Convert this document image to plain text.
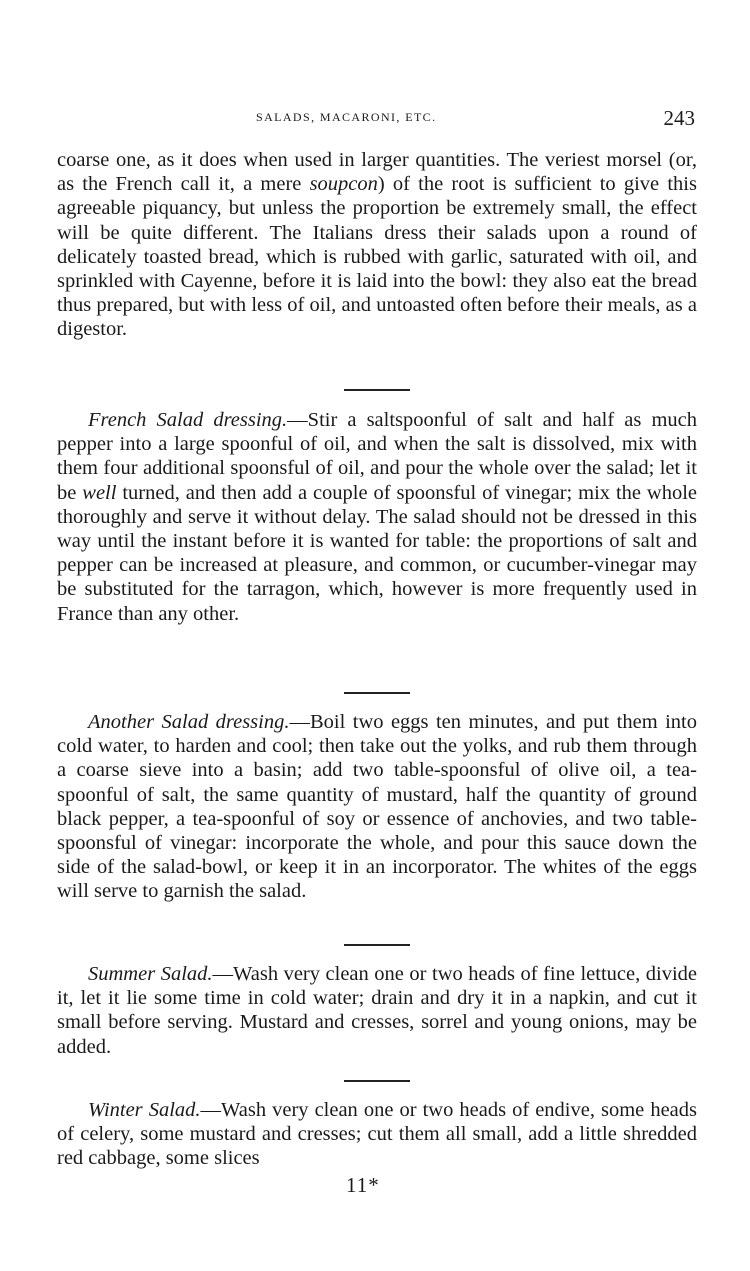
SALADS, MACARONI, ETC.	243

coarse one, as it does when used in larger quantities. The veriest morsel (or, as the French call it, a mere soupcon) of the root is sufficient to give this agreeable piquancy, but unless the proportion be extremely small, the effect will be quite different. The Italians dress their salads upon a round of delicately toasted bread, which is rubbed with garlic, saturated with oil, and sprinkled with Cayenne, before it is laid into the bowl: they also eat the bread thus prepared, but with less of oil, and untoasted often before their meals, as a digestor.

French Salad dressing.—Stir a saltspoonful of salt and half as much pepper into a large spoonful of oil, and when the salt is dissolved, mix with them four additional spoonsful of oil, and pour the whole over the salad; let it be well turned, and then add a couple of spoonsful of vinegar; mix the whole thoroughly and serve it without delay. The salad should not be dressed in this way until the instant before it is wanted for table: the proportions of salt and pepper can be increased at pleasure, and common, or cucumber-vinegar may be substituted for the tarragon, which, however is more frequently used in France than any other.

Another Salad dressing.—Boil two eggs ten minutes, and put them into cold water, to harden and cool; then take out the yolks, and rub them through a coarse sieve into a basin; add two table-spoonsful of olive oil, a tea-spoonful of salt, the same quantity of mustard, half the quantity of ground black pepper, a tea-spoonful of soy or essence of anchovies, and two table-spoonsful of vinegar: incorporate the whole, and pour this sauce down the side of the salad-bowl, or keep it in an incorporator. The whites of the eggs will serve to garnish the salad.

Summer Salad.—Wash very clean one or two heads of fine lettuce, divide it, let it lie some time in cold water; drain and dry it in a napkin, and cut it small before serving. Mustard and cresses, sorrel and young onions, may be added.

Winter Salad.—Wash very clean one or two heads of endive, some heads of celery, some mustard and cresses; cut them all small, add a little shredded red cabbage, some slices

11*
